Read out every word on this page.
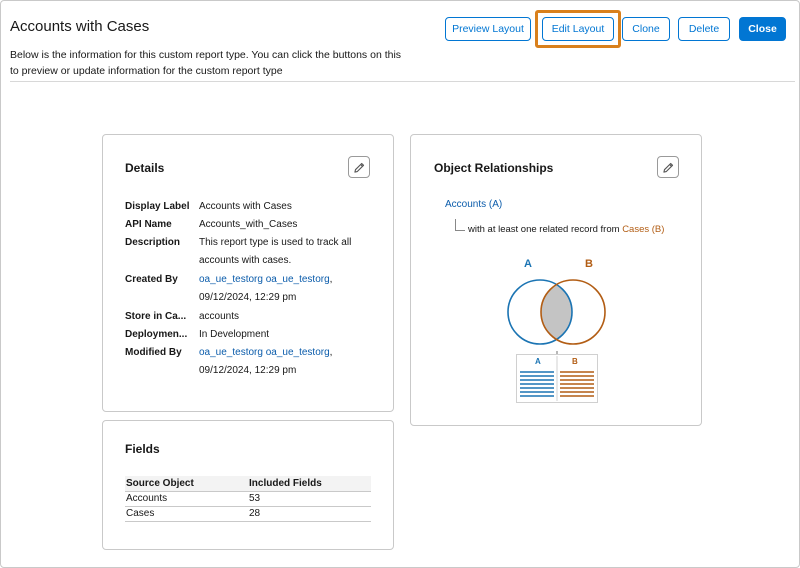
Accounts with Cases
Below is the information for this custom report type. You can click the buttons on this to preview or update information for the custom report type
Preview Layout	Edit Layout	Clone	Delete	Close
Details
Display Label Accounts with Cases
API Name	Accounts_with_Cases
Description	This report type is used to track all accounts with cases.
Created By	oa_ue_testorg oa_ue_testorg,
09/12/2024, 12:29 pm
Store in Ca...	accounts
Deploymen...	In Development
Modified By	oa_ue_testorg oa_ue_testorg,
09/12/2024, 12:29 pm
Object Relationships
Accounts (A)
with at least one related record from Cases (B)
A	B
A	B
Fields
Source Object	Included Fields
Accounts	53
Cases	28
